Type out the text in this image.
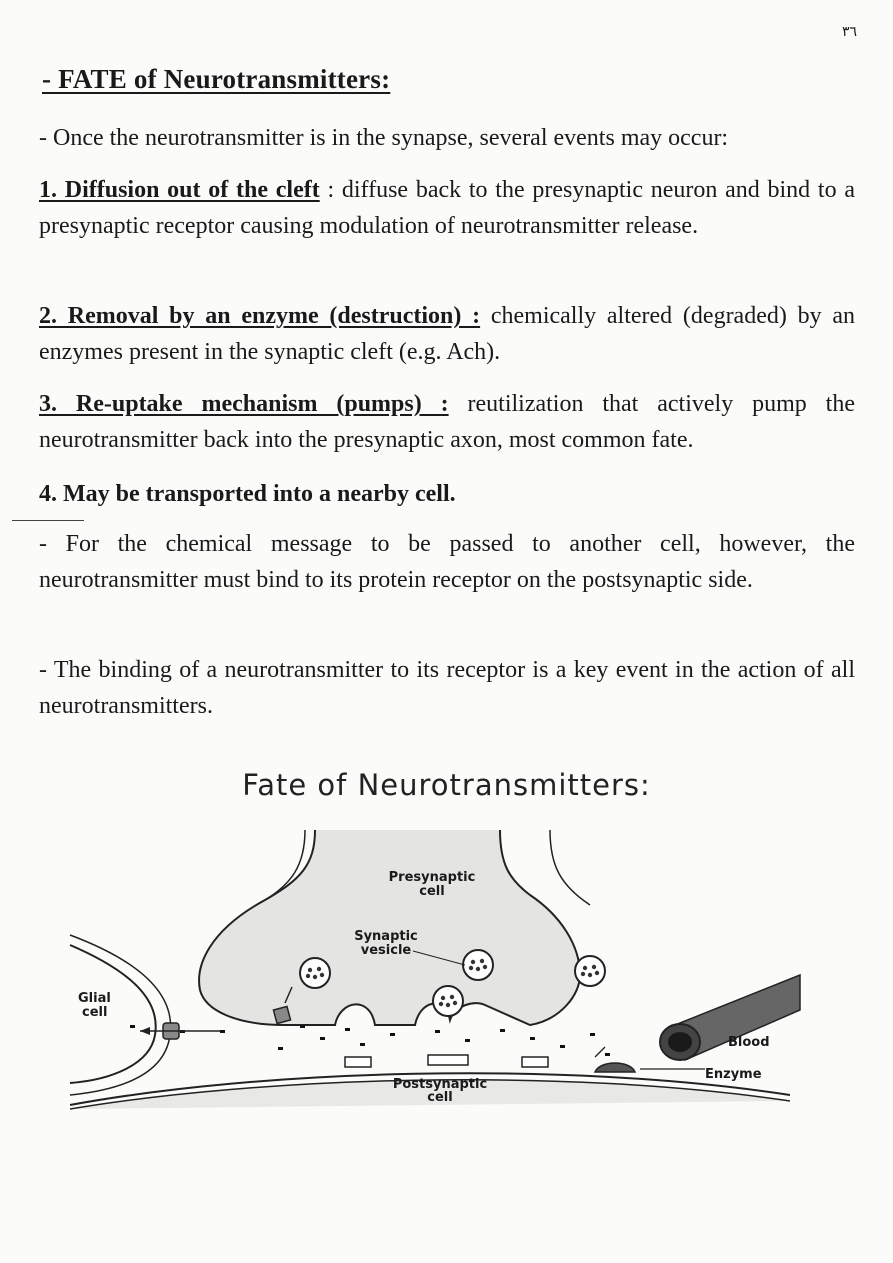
٣٦
- FATE of Neurotransmitters:
- Once the neurotransmitter is in the synapse, several events may occur:
1. Diffusion out of the cleft : diffuse back to the presynaptic neuron and bind to a presynaptic receptor causing modulation of neurotransmitter release.
2. Removal by an enzyme (destruction) : chemically altered (degraded) by an enzymes present in the synaptic cleft (e.g. Ach).
3. Re-uptake mechanism (pumps) : reutilization that actively pump the neurotransmitter back into the presynaptic axon, most common fate.
4. May be transported into a nearby cell.
- For the chemical message to be passed to another cell, however, the neurotransmitter must bind to its protein receptor on the postsynaptic side.
- The binding of a neurotransmitter to its receptor is a key event in the action of all neurotransmitters.
Fate of Neurotransmitters:
Presynaptic
cell
Synaptic
vesicle
Glial
cell
Blood
Enzyme
Postsynaptic
cell
